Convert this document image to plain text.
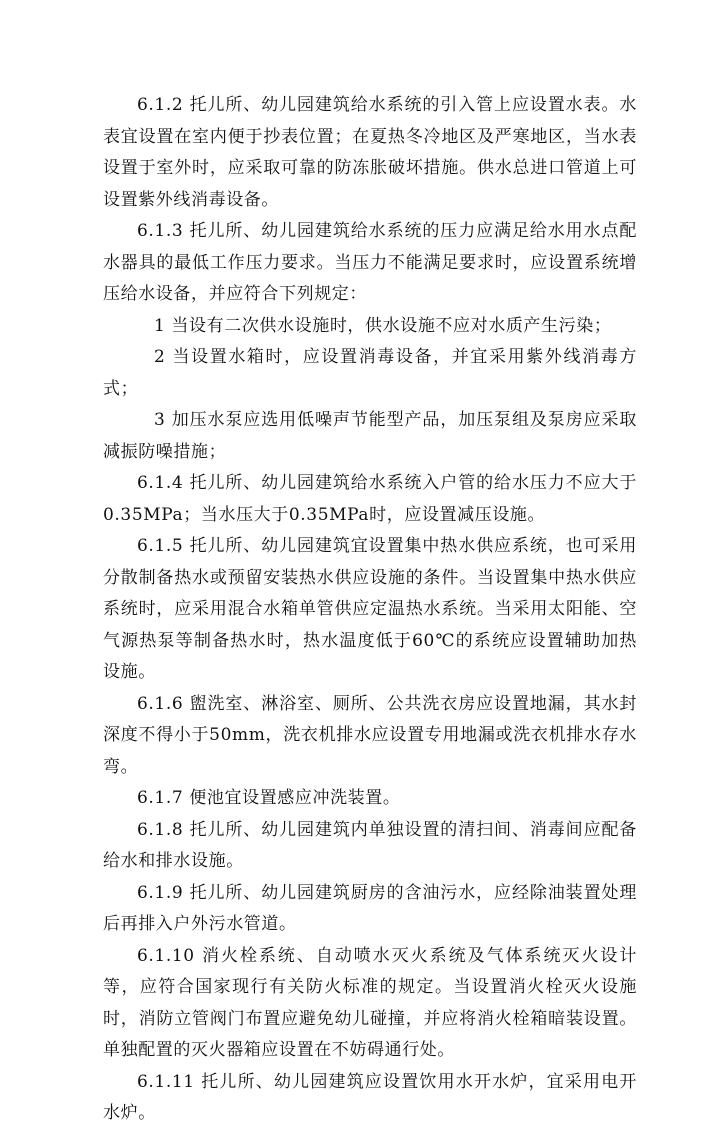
6.1.2 托儿所、幼儿园建筑给水系统的引入管上应设置水表。水表宜设置在室内便于抄表位置；在夏热冬冷地区及严寒地区，当水表设置于室外时，应采取可靠的防冻胀破坏措施。供水总进口管道上可设置紫外线消毒设备。

6.1.3 托儿所、幼儿园建筑给水系统的压力应满足给水用水点配水器具的最低工作压力要求。当压力不能满足要求时，应设置系统增压给水设备，并应符合下列规定：

1 当设有二次供水设施时，供水设施不应对水质产生污染；

2 当设置水箱时，应设置消毒设备，并宜采用紫外线消毒方式；

3 加压水泵应选用低噪声节能型产品，加压泵组及泵房应采取减振防噪措施；

6.1.4 托儿所、幼儿园建筑给水系统入户管的给水压力不应大于0.35MPa；当水压大于0.35MPa时，应设置减压设施。

6.1.5 托儿所、幼儿园建筑宜设置集中热水供应系统，也可采用分散制备热水或预留安装热水供应设施的条件。当设置集中热水供应系统时，应采用混合水箱单管供应定温热水系统。当采用太阳能、空气源热泵等制备热水时，热水温度低于60℃的系统应设置辅助加热设施。

6.1.6 盥洗室、淋浴室、厕所、公共洗衣房应设置地漏，其水封深度不得小于50mm，洗衣机排水应设置专用地漏或洗衣机排水存水弯。

6.1.7 便池宜设置感应冲洗装置。

6.1.8 托儿所、幼儿园建筑内单独设置的清扫间、消毒间应配备给水和排水设施。

6.1.9 托儿所、幼儿园建筑厨房的含油污水，应经除油装置处理后再排入户外污水管道。

6.1.10 消火栓系统、自动喷水灭火系统及气体系统灭火设计等，应符合国家现行有关防火标准的规定。当设置消火栓灭火设施时，消防立管阀门布置应避免幼儿碰撞，并应将消火栓箱暗装设置。单独配置的灭火器箱应设置在不妨碍通行处。

6.1.11 托儿所、幼儿园建筑应设置饮用水开水炉，宜采用电开水炉。
